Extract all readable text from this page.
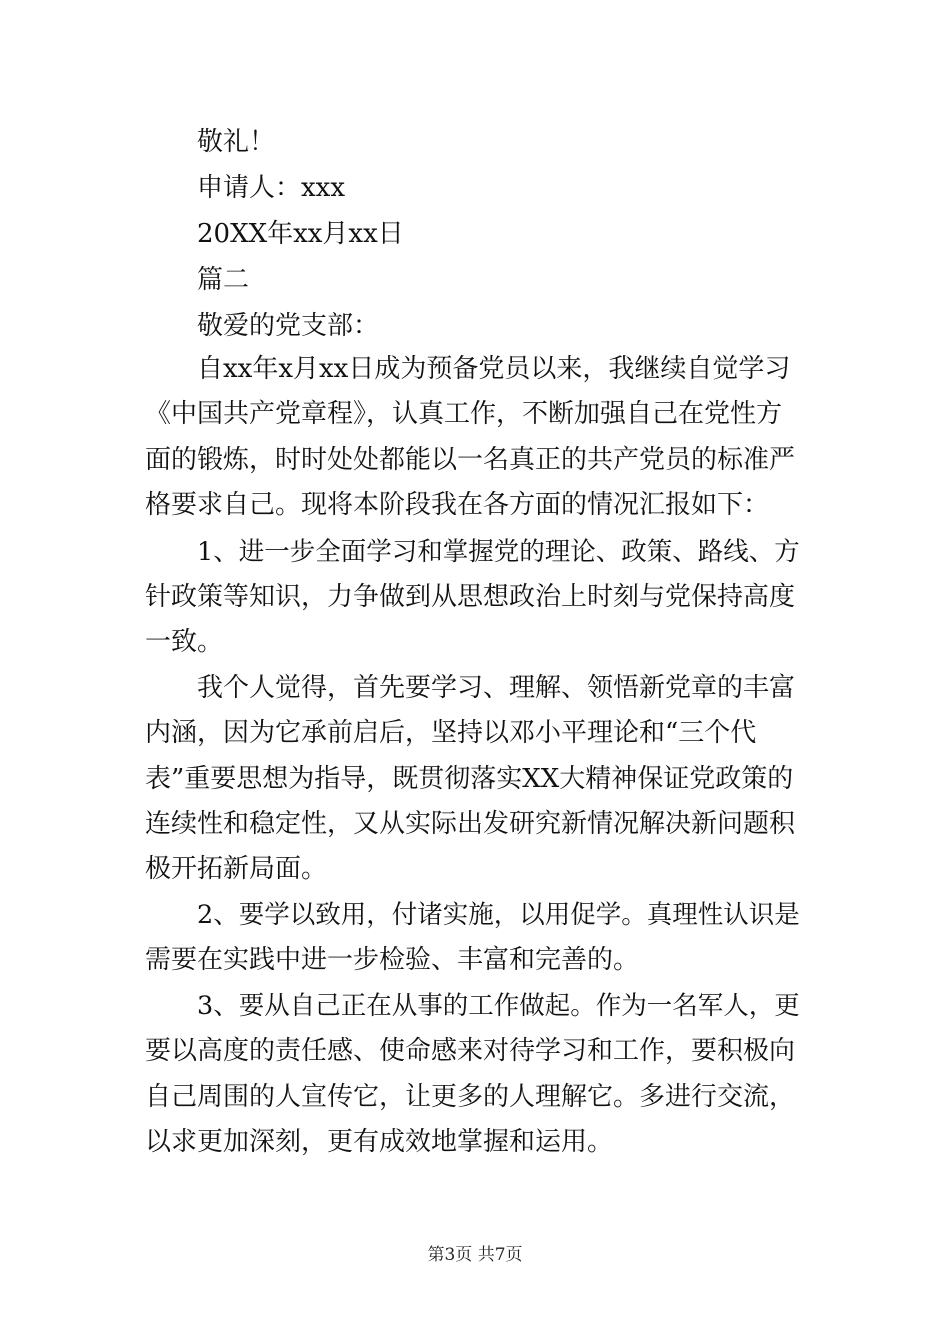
敬礼！
申请人：xxx
20XX年xx月xx日
篇二
敬爱的党支部：
自xx年x月xx日成为预备党员以来，我继续自觉学习
《中国共产党章程》，认真工作，不断加强自己在党性方
面的锻炼，时时处处都能以一名真正的共产党员的标准严
格要求自己。现将本阶段我在各方面的情况汇报如下：
1、进一步全面学习和掌握党的理论、政策、路线、方
针政策等知识，力争做到从思想政治上时刻与党保持高度
一致。
我个人觉得，首先要学习、理解、领悟新党章的丰富
内涵，因为它承前启后，坚持以邓小平理论和“三个代
表”重要思想为指导，既贯彻落实XX大精神保证党政策的
连续性和稳定性，又从实际出发研究新情况解决新问题积
极开拓新局面。
2、要学以致用，付诸实施，以用促学。真理性认识是
需要在实践中进一步检验、丰富和完善的。
3、要从自己正在从事的工作做起。作为一名军人，更
要以高度的责任感、使命感来对待学习和工作，要积极向
自己周围的人宣传它，让更多的人理解它。多进行交流，
以求更加深刻，更有成效地掌握和运用。
第3页 共7页
